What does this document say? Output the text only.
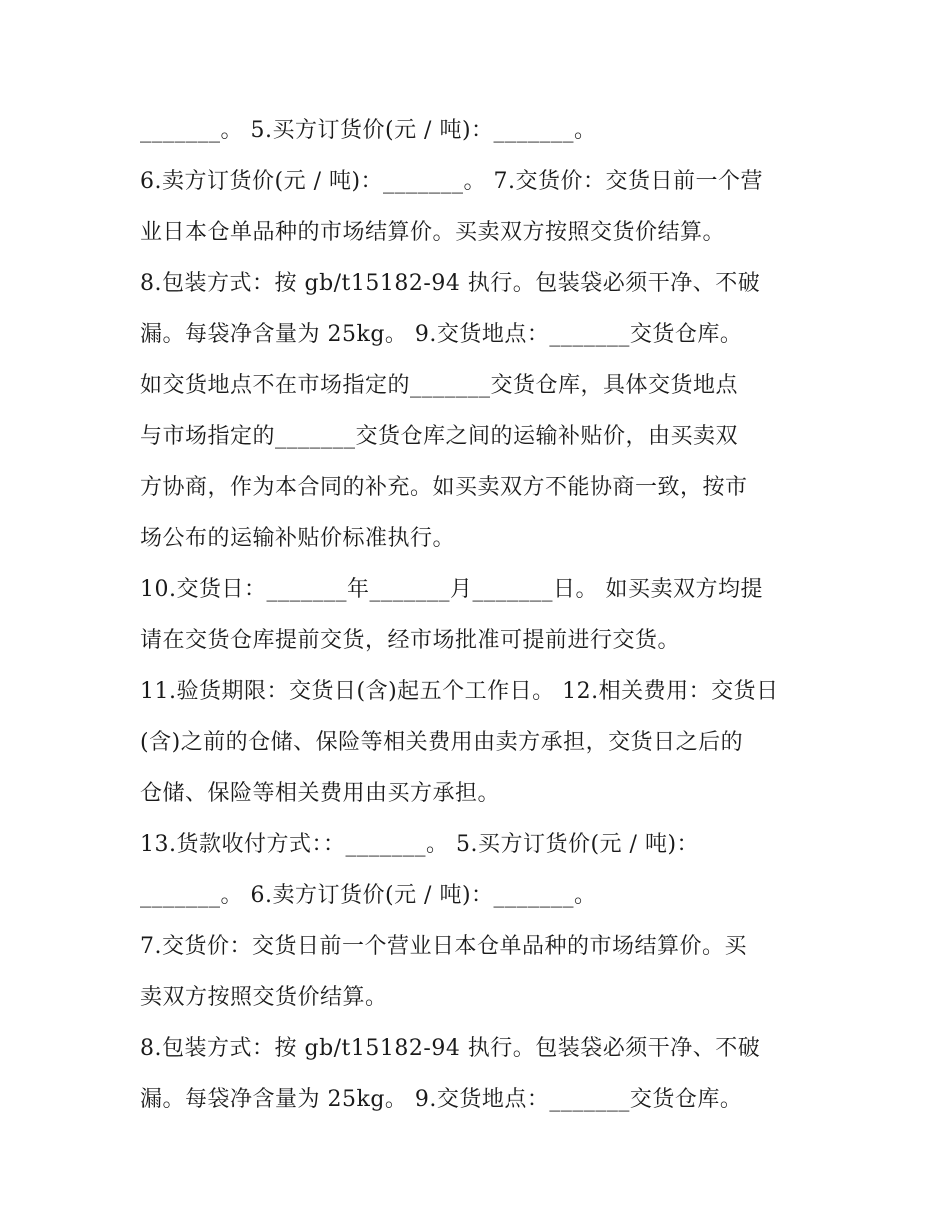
_______。 5.买方订货价(元 / 吨)：_______。
6.卖方订货价(元 / 吨)：_______。 7.交货价：交货日前一个营
业日本仓单品种的市场结算价。买卖双方按照交货价结算。
8.包装方式：按 gb/t15182-94 执行。包装袋必须干净、不破
漏。每袋净含量为 25kg。 9.交货地点：_______交货仓库。
如交货地点不在市场指定的_______交货仓库，具体交货地点
与市场指定的_______交货仓库之间的运输补贴价，由买卖双
方协商，作为本合同的补充。如买卖双方不能协商一致，按市
场公布的运输补贴价标准执行。
10.交货日：_______年_______月_______日。 如买卖双方均提
请在交货仓库提前交货，经市场批准可提前进行交货。
11.验货期限：交货日(含)起五个工作日。 12.相关费用：交货日
(含)之前的仓储、保险等相关费用由卖方承担，交货日之后的
仓储、保险等相关费用由买方承担。
13.货款收付方式：：_______。 5.买方订货价(元 / 吨)：
_______。 6.卖方订货价(元 / 吨)：_______。
7.交货价：交货日前一个营业日本仓单品种的市场结算价。买
卖双方按照交货价结算。
8.包装方式：按 gb/t15182-94 执行。包装袋必须干净、不破
漏。每袋净含量为 25kg。 9.交货地点：_______交货仓库。
